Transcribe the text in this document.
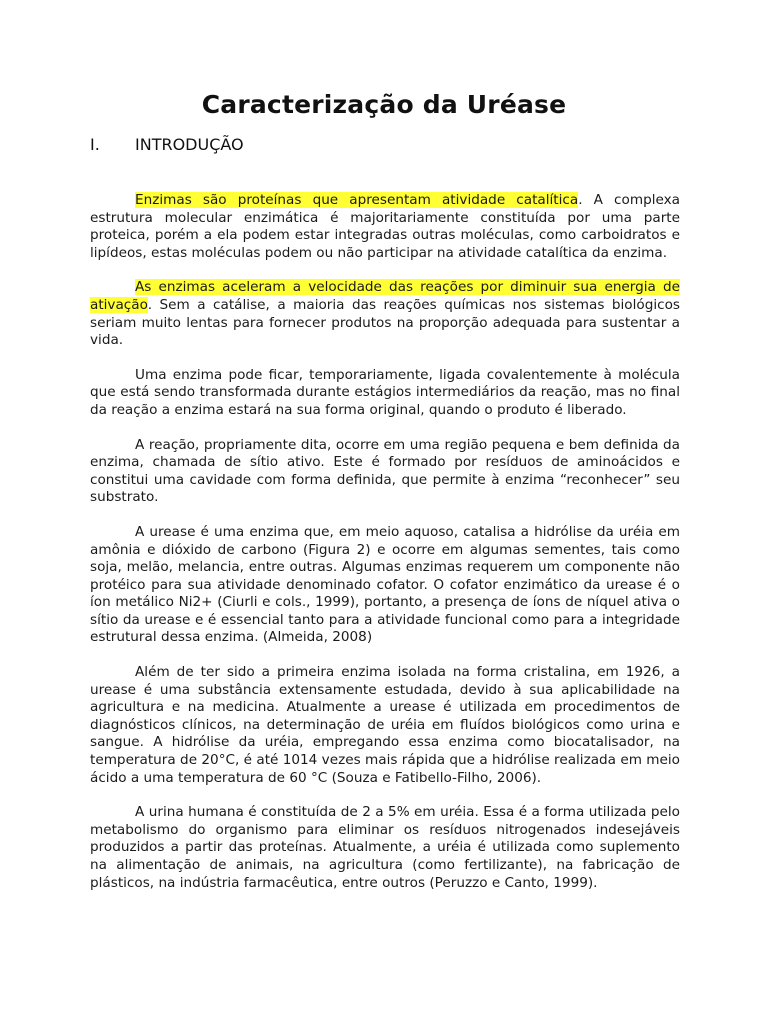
Caracterização da Uréase
I. INTRODUÇÃO

Enzimas são proteínas que apresentam atividade catalítica. A complexa estrutura molecular enzimática é majoritariamente constituída por uma parte proteica, porém a ela podem estar integradas outras moléculas, como carboidratos e lipídeos, estas moléculas podem ou não participar na atividade catalítica da enzima.

As enzimas aceleram a velocidade das reações por diminuir sua energia de ativação. Sem a catálise, a maioria das reações químicas nos sistemas biológicos seriam muito lentas para fornecer produtos na proporção adequada para sustentar a vida.

Uma enzima pode ficar, temporariamente, ligada covalentemente à molécula que está sendo transformada durante estágios intermediários da reação, mas no final da reação a enzima estará na sua forma original, quando o produto é liberado.

A reação, propriamente dita, ocorre em uma região pequena e bem definida da enzima, chamada de sítio ativo. Este é formado por resíduos de aminoácidos e constitui uma cavidade com forma definida, que permite à enzima “reconhecer” seu substrato.

A urease é uma enzima que, em meio aquoso, catalisa a hidrólise da uréia em amônia e dióxido de carbono (Figura 2) e ocorre em algumas sementes, tais como soja, melão, melancia, entre outras. Algumas enzimas requerem um componente não protéico para sua atividade denominado cofator. O cofator enzimático da urease é o íon metálico Ni2+ (Ciurli e cols., 1999), portanto, a presença de íons de níquel ativa o sítio da urease e é essencial tanto para a atividade funcional como para a integridade estrutural dessa enzima. (Almeida, 2008)

Além de ter sido a primeira enzima isolada na forma cristalina, em 1926, a urease é uma substância extensamente estudada, devido à sua aplicabilidade na agricultura e na medicina. Atualmente a urease é utilizada em procedimentos de diagnósticos clínicos, na determinação de uréia em fluídos biológicos como urina e sangue. A hidrólise da uréia, empregando essa enzima como biocatalisador, na temperatura de 20°C, é até 1014 vezes mais rápida que a hidrólise realizada em meio ácido a uma temperatura de 60 °C (Souza e Fatibello-Filho, 2006).

A urina humana é constituída de 2 a 5% em uréia. Essa é a forma utilizada pelo metabolismo do organismo para eliminar os resíduos nitrogenados indesejáveis produzidos a partir das proteínas. Atualmente, a uréia é utilizada como suplemento na alimentação de animais, na agricultura (como fertilizante), na fabricação de plásticos, na indústria farmacêutica, entre outros (Peruzzo e Canto, 1999).
